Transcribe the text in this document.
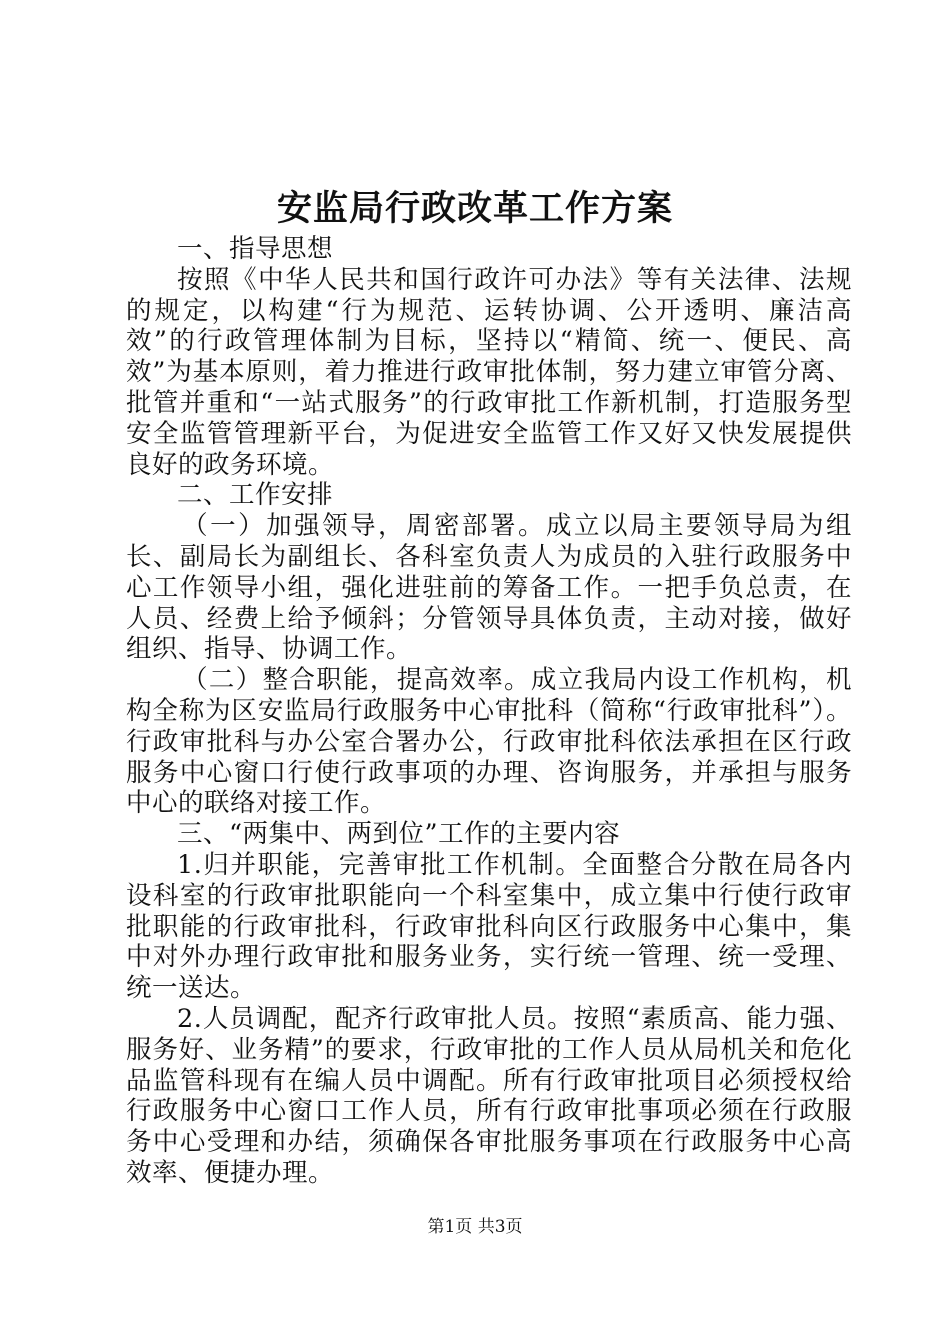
安监局行政改革工作方案

一、指导思想

按照《中华人民共和国行政许可办法》等有关法律、法规的规定，以构建“行为规范、运转协调、公开透明、廉洁高效”的行政管理体制为目标，坚持以“精简、统一、便民、高效”为基本原则，着力推进行政审批体制，努力建立审管分离、批管并重和“一站式服务”的行政审批工作新机制，打造服务型安全监管管理新平台，为促进安全监管工作又好又快发展提供良好的政务环境。

二、工作安排

（一）加强领导，周密部署。成立以局主要领导局为组长、副局长为副组长、各科室负责人为成员的入驻行政服务中心工作领导小组，强化进驻前的筹备工作。一把手负总责，在人员、经费上给予倾斜；分管领导具体负责，主动对接，做好组织、指导、协调工作。

（二）整合职能，提高效率。成立我局内设工作机构，机构全称为区安监局行政服务中心审批科（简称“行政审批科”）。行政审批科与办公室合署办公，行政审批科依法承担在区行政服务中心窗口行使行政事项的办理、咨询服务，并承担与服务中心的联络对接工作。

三、“两集中、两到位”工作的主要内容

1.归并职能，完善审批工作机制。全面整合分散在局各内设科室的行政审批职能向一个科室集中，成立集中行使行政审批职能的行政审批科，行政审批科向区行政服务中心集中，集中对外办理行政审批和服务业务，实行统一管理、统一受理、统一送达。

2.人员调配，配齐行政审批人员。按照“素质高、能力强、服务好、业务精”的要求，行政审批的工作人员从局机关和危化品监管科现有在编人员中调配。所有行政审批项目必须授权给行政服务中心窗口工作人员，所有行政审批事项必须在行政服务中心受理和办结，须确保各审批服务事项在行政服务中心高效率、便捷办理。

第1页 共3页
